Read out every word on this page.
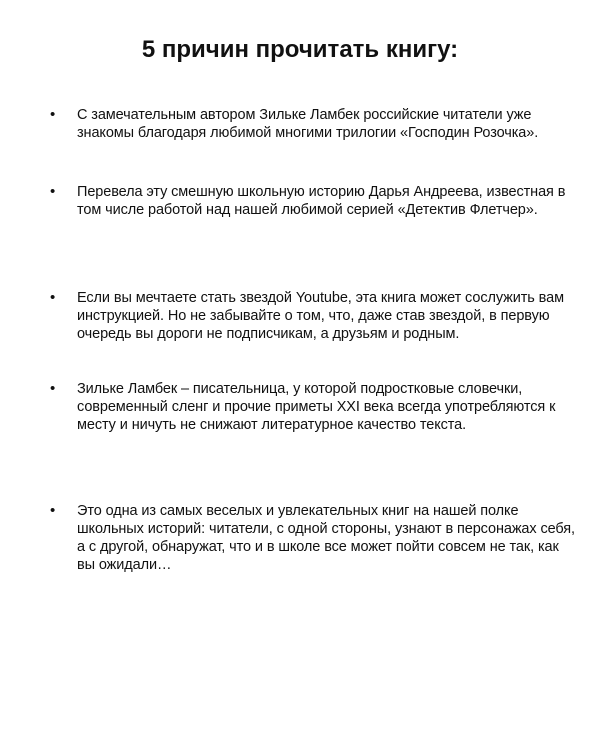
5 причин прочитать книгу:
•	С замечательным автором Зильке Ламбек российские читатели уже знакомы благодаря любимой многими трилогии «Господин Розочка».

•	Перевела эту смешную школьную историю Дарья Андреева, известная в том числе работой над нашей любимой серией «Детектив Флетчер».

•	Если вы мечтаете стать звездой Youtube, эта книга может сослужить вам инструкцией. Но не забывайте о том, что, даже став звездой, в первую очередь вы дороги не подписчикам, а друзьям и родным.

•	Зильке Ламбек – писательница, у которой подростковые словечки, современный сленг и прочие приметы XXI века всегда употребляются к месту и ничуть не снижают литературное качество текста.

•	Это одна из самых веселых и увлекательных книг на нашей полке школьных историй: читатели, с одной стороны, узнают в персонажах себя, а с другой, обнаружат, что и в школе все может пойти совсем не так, как вы ожидали…
